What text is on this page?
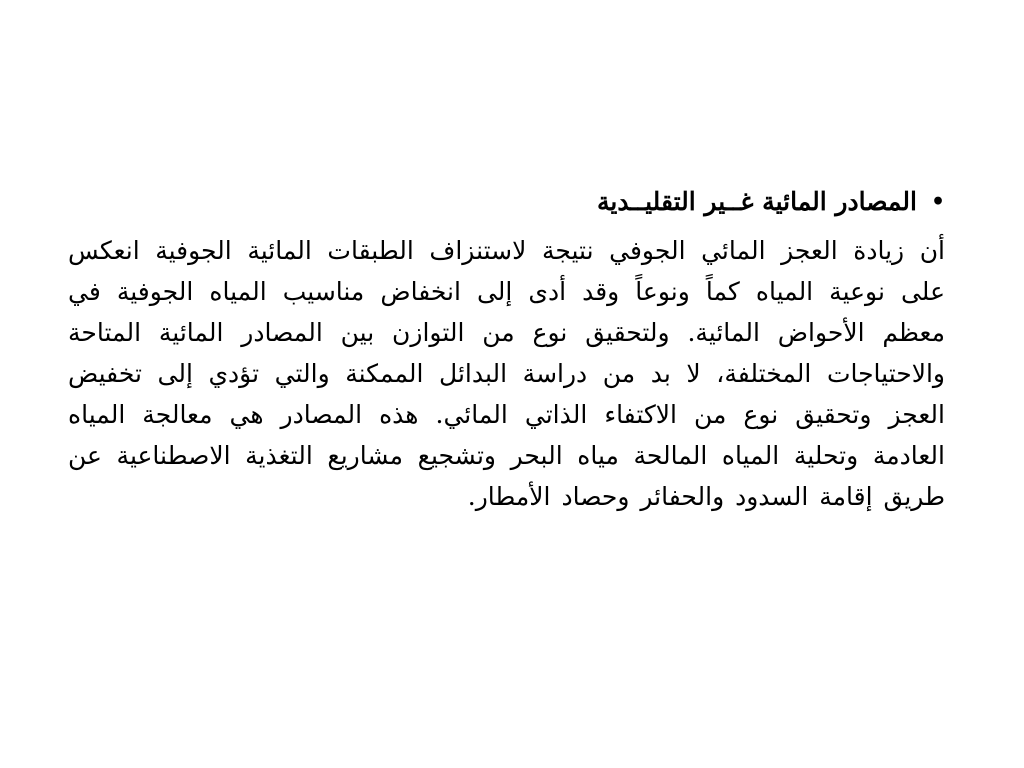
•
المصادر المائية غــير التقليــدية

أن زيادة العجز المائي الجوفي نتيجة لاستنزاف الطبقات المائية الجوفية انعكس على نوعية المياه كماً ونوعاً وقد أدى إلى انخفاض مناسيب المياه الجوفية في معظم الأحواض المائية. ولتحقيق نوع من التوازن بين المصادر المائية المتاحة والاحتياجات المختلفة، لا بد من دراسة البدائل الممكنة والتي تؤدي إلى تخفيض العجز وتحقيق نوع من الاكتفاء الذاتي المائي. هذه المصادر هي معالجة المياه العادمة وتحلية المياه المالحة مياه البحر وتشجيع مشاريع التغذية الاصطناعية عن طريق إقامة السدود والحفائر وحصاد الأمطار.
